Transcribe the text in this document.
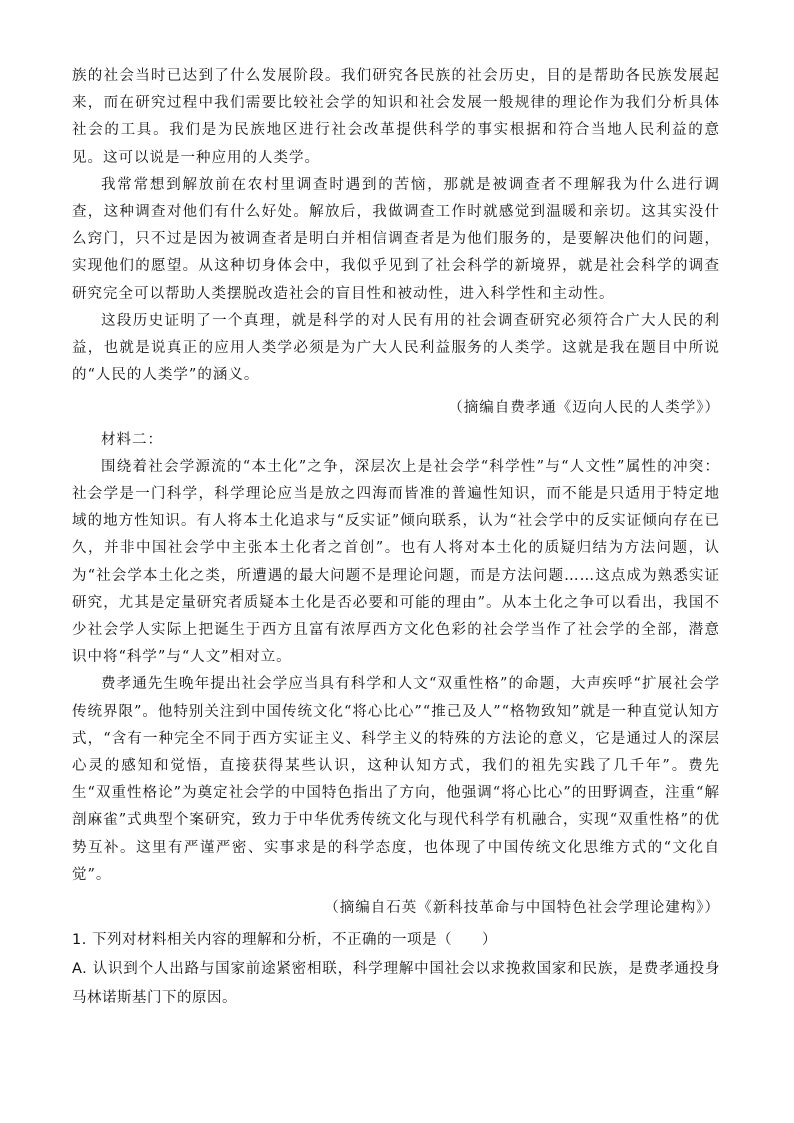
族的社会当时已达到了什么发展阶段。我们研究各民族的社会历史，目的是帮助各民族发展起来，而在研究过程中我们需要比较社会学的知识和社会发展一般规律的理论作为我们分析具体社会的工具。我们是为民族地区进行社会改革提供科学的事实根据和符合当地人民利益的意见。这可以说是一种应用的人类学。

我常常想到解放前在农村里调查时遇到的苦恼，那就是被调查者不理解我为什么进行调查，这种调查对他们有什么好处。解放后，我做调查工作时就感觉到温暖和亲切。这其实没什么窍门，只不过是因为被调查者是明白并相信调查者是为他们服务的，是要解决他们的问题，实现他们的愿望。从这种切身体会中，我似乎见到了社会科学的新境界，就是社会科学的调查研究完全可以帮助人类摆脱改造社会的盲目性和被动性，进入科学性和主动性。

这段历史证明了一个真理，就是科学的对人民有用的社会调查研究必须符合广大人民的利益，也就是说真正的应用人类学必须是为广大人民利益服务的人类学。这就是我在题目中所说的“人民的人类学”的涵义。

（摘编自费孝通《迈向人民的人类学》）

材料二：

围绕着社会学源流的“本土化”之争，深层次上是社会学“科学性”与“人文性”属性的冲突：社会学是一门科学，科学理论应当是放之四海而皆准的普遍性知识，而不能是只适用于特定地域的地方性知识。有人将本土化追求与“反实证”倾向联系，认为“社会学中的反实证倾向存在已久，并非中国社会学中主张本土化者之首创”。也有人将对本土化的质疑归结为方法问题，认为“社会学本土化之类，所遭遇的最大问题不是理论问题，而是方法问题……这点成为熟悉实证研究，尤其是定量研究者质疑本土化是否必要和可能的理由”。从本土化之争可以看出，我国不少社会学人实际上把诞生于西方且富有浓厚西方文化色彩的社会学当作了社会学的全部，潜意识中将“科学”与“人文”相对立。

费孝通先生晚年提出社会学应当具有科学和人文“双重性格”的命题，大声疾呼“扩展社会学传统界限”。他特别关注到中国传统文化“将心比心”“推己及人”“格物致知”就是一种直觉认知方式，“含有一种完全不同于西方实证主义、科学主义的特殊的方法论的意义，它是通过人的深层心灵的感知和觉悟，直接获得某些认识，这种认知方式，我们的祖先实践了几千年”。费先生“双重性格论”为奠定社会学的中国特色指出了方向，他强调“将心比心”的田野调查，注重“解剖麻雀”式典型个案研究，致力于中华优秀传统文化与现代科学有机融合，实现“双重性格”的优势互补。这里有严谨严密、实事求是的科学态度，也体现了中国传统文化思维方式的“文化自觉”。

（摘编自石英《新科技革命与中国特色社会学理论建构》）

1. 下列对材料相关内容的理解和分析，不正确的一项是（　　）

A. 认识到个人出路与国家前途紧密相联，科学理解中国社会以求挽救国家和民族，是费孝通投身马林诺斯基门下的原因。
